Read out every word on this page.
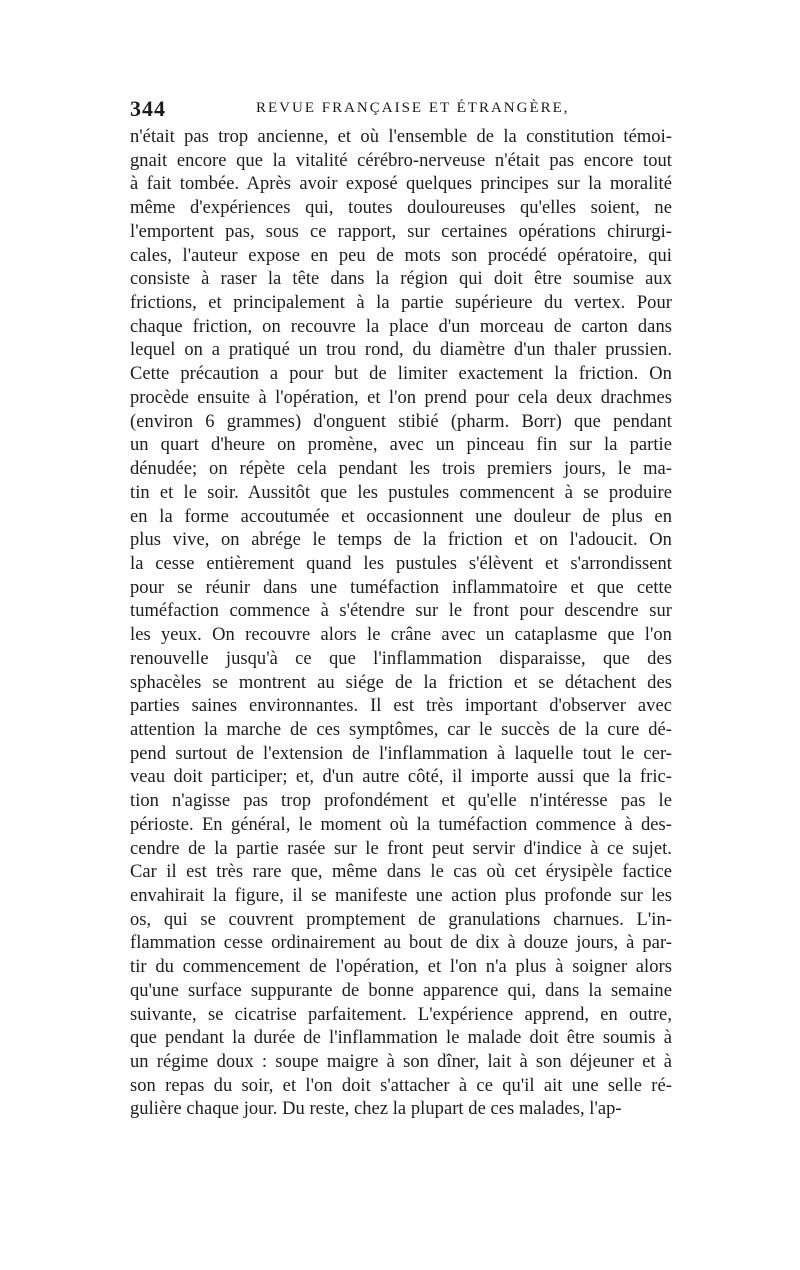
344	REVUE FRANÇAISE ET ÉTRANGÈRE,
n'était pas trop ancienne, et où l'ensemble de la constitution témoi-
gnait encore que la vitalité cérébro-nerveuse n'était pas encore tout
à fait tombée. Après avoir exposé quelques principes sur la moralité
même d'expériences qui, toutes douloureuses qu'elles soient, ne
l'emportent pas, sous ce rapport, sur certaines opérations chirurgi-
cales, l'auteur expose en peu de mots son procédé opératoire, qui
consiste à raser la tête dans la région qui doit être soumise aux
frictions, et principalement à la partie supérieure du vertex. Pour
chaque friction, on recouvre la place d'un morceau de carton dans
lequel on a pratiqué un trou rond, du diamètre d'un thaler prussien.
Cette précaution a pour but de limiter exactement la friction. On
procède ensuite à l'opération, et l'on prend pour cela deux drachmes
(environ 6 grammes) d'onguent stibié (pharm. Borr) que pendant
un quart d'heure on promène, avec un pinceau fin sur la partie
dénudée; on répète cela pendant les trois premiers jours, le ma-
tin et le soir. Aussitôt que les pustules commencent à se produire
en la forme accoutumée et occasionnent une douleur de plus en
plus vive, on abrége le temps de la friction et on l'adoucit. On
la cesse entièrement quand les pustules s'élèvent et s'arrondissent
pour se réunir dans une tuméfaction inflammatoire et que cette
tuméfaction commence à s'étendre sur le front pour descendre sur
les yeux. On recouvre alors le crâne avec un cataplasme que l'on
renouvelle jusqu'à ce que l'inflammation disparaisse, que des
sphacèles se montrent au siége de la friction et se détachent des
parties saines environnantes. Il est très important d'observer avec
attention la marche de ces symptômes, car le succès de la cure dé-
pend surtout de l'extension de l'inflammation à laquelle tout le cer-
veau doit participer; et, d'un autre côté, il importe aussi que la fric-
tion n'agisse pas trop profondément et qu'elle n'intéresse pas le
périoste. En général, le moment où la tuméfaction commence à des-
cendre de la partie rasée sur le front peut servir d'indice à ce sujet.
Car il est très rare que, même dans le cas où cet érysipèle factice
envahirait la figure, il se manifeste une action plus profonde sur les
os, qui se couvrent promptement de granulations charnues. L'in-
flammation cesse ordinairement au bout de dix à douze jours, à par-
tir du commencement de l'opération, et l'on n'a plus à soigner alors
qu'une surface suppurante de bonne apparence qui, dans la semaine
suivante, se cicatrise parfaitement. L'expérience apprend, en outre,
que pendant la durée de l'inflammation le malade doit être soumis à
un régime doux : soupe maigre à son dîner, lait à son déjeuner et à
son repas du soir, et l'on doit s'attacher à ce qu'il ait une selle ré-
gulière chaque jour. Du reste, chez la plupart de ces malades, l'ap-
